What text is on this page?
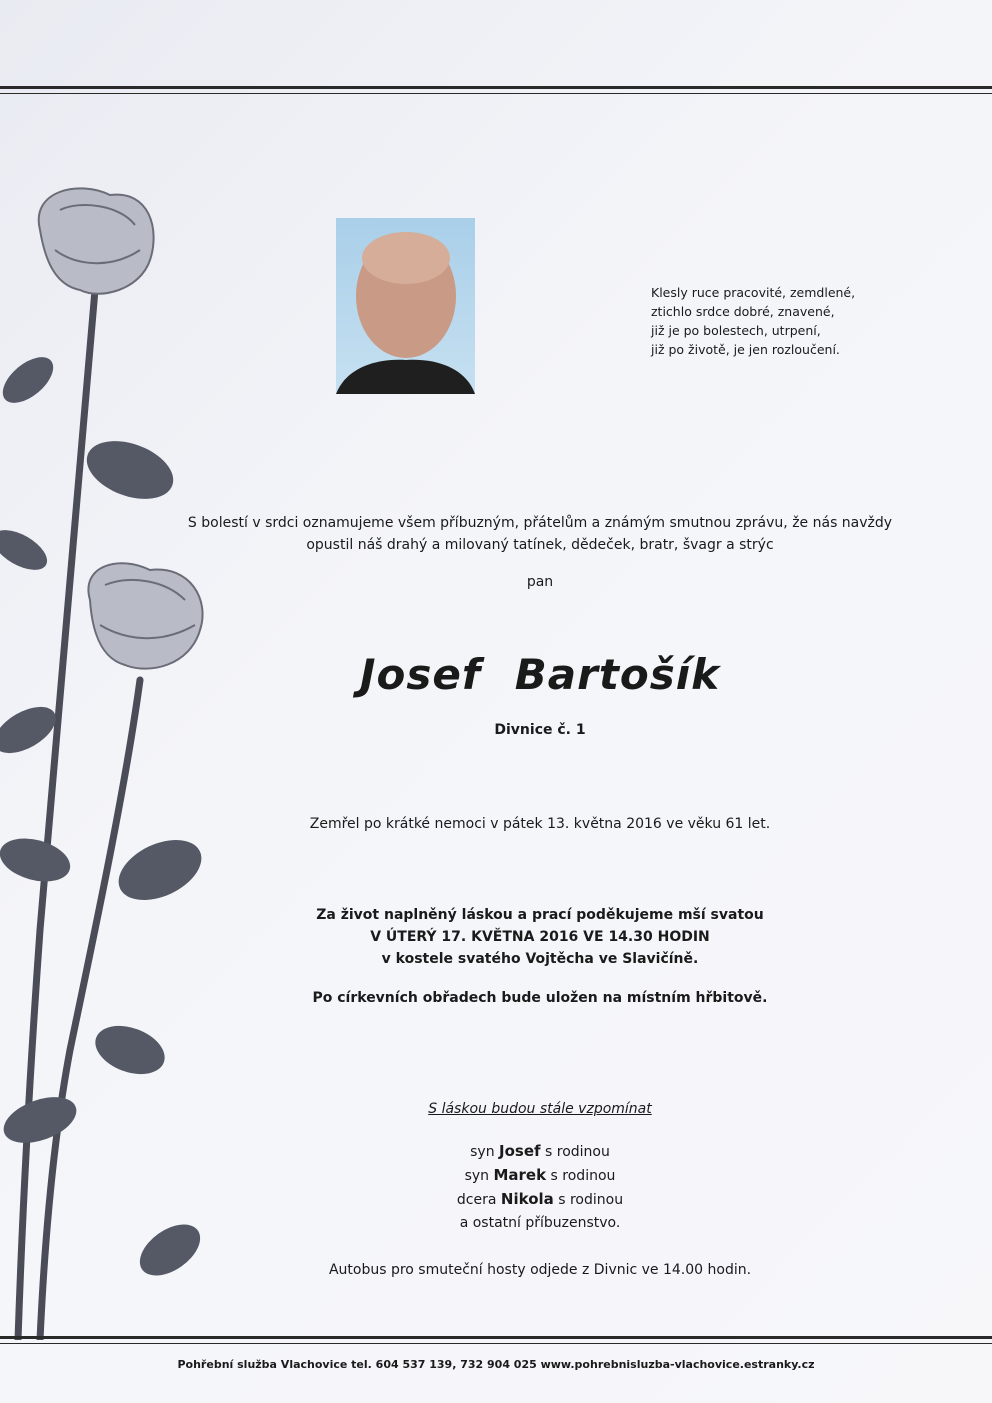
Klesly ruce pracovité, zemdlené,
ztichlo srdce dobré, znavené,
již je po bolestech, utrpení,
již po životě, je jen rozloučení.
S bolestí v srdci oznamujeme všem příbuzným, přátelům a známým smutnou zprávu, že nás navždy
opustil náš drahý a milovaný tatínek, dědeček, bratr, švagr a strýc
pan
Josef Bartošík
Divnice č. 1
Zemřel po krátké nemoci v pátek 13. května 2016 ve věku 61 let.
Za život naplněný láskou a prací poděkujeme mší svatou
V ÚTERÝ 17. KVĚTNA 2016 VE 14.30 HODIN
v kostele svatého Vojtěcha ve Slavičíně.
Po církevních obřadech bude uložen na místním hřbitově.
S láskou budou stále vzpomínat
syn Josef s rodinou
syn Marek s rodinou
dcera Nikola s rodinou
a ostatní příbuzenstvo.
Autobus pro smuteční hosty odjede z Divnic ve 14.00 hodin.
Pohřební služba Vlachovice tel. 604 537 139, 732 904 025 www.pohrebnisluzba-vlachovice.estranky.cz
